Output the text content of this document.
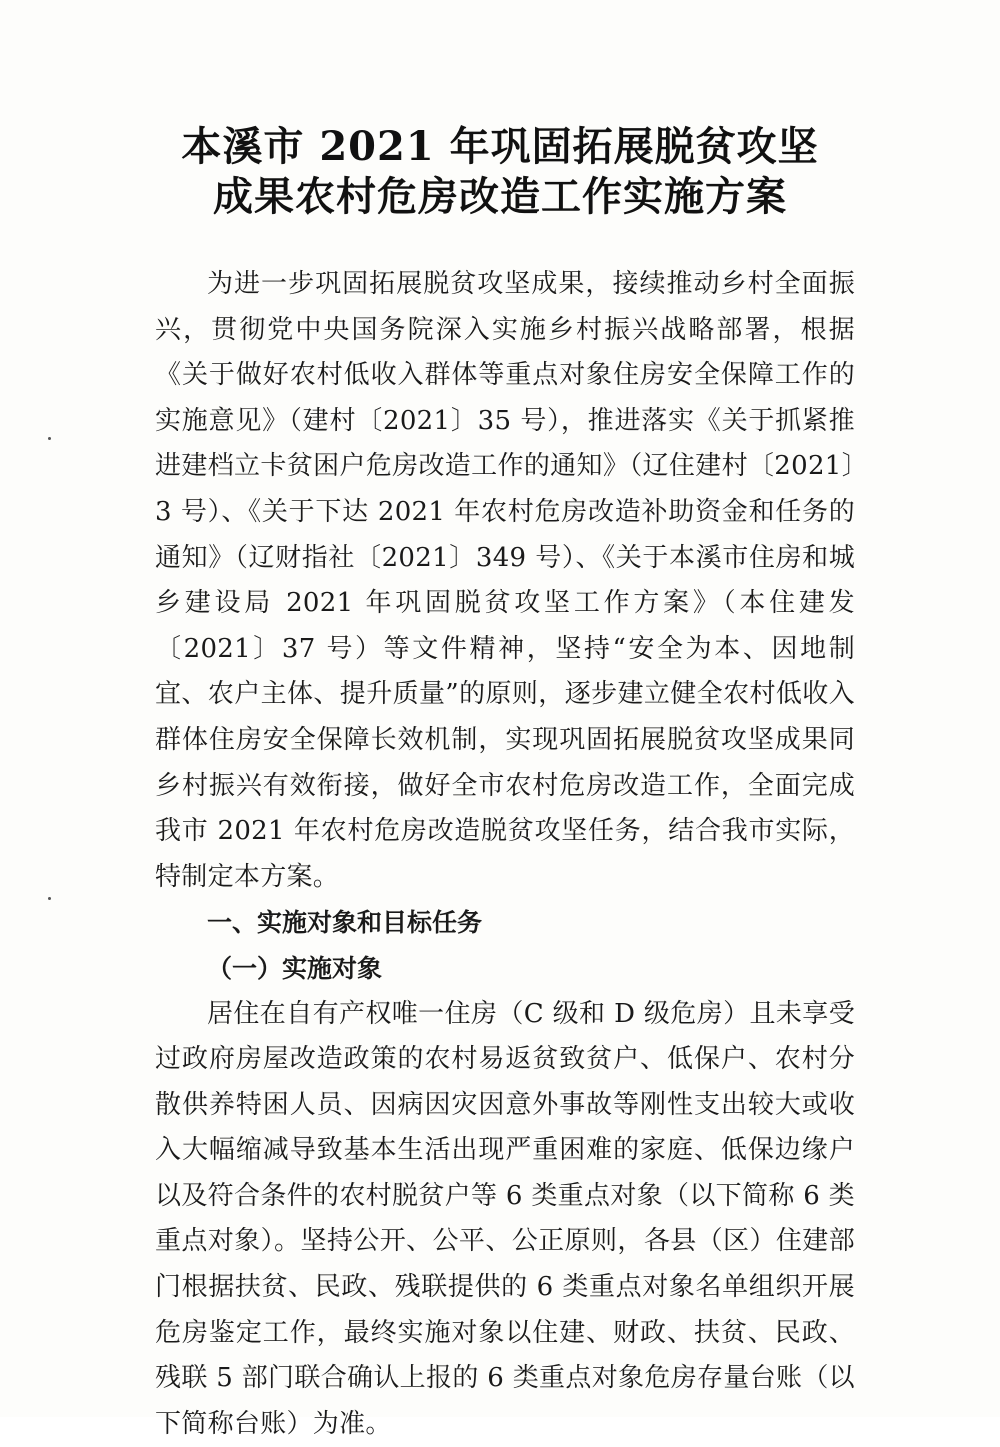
本溪市 2021 年巩固拓展脱贫攻坚
成果农村危房改造工作实施方案

为进一步巩固拓展脱贫攻坚成果，接续推动乡村全面振兴，贯彻党中央国务院深入实施乡村振兴战略部署，根据《关于做好农村低收入群体等重点对象住房安全保障工作的实施意见》（建村〔2021〕35 号），推进落实《关于抓紧推进建档立卡贫困户危房改造工作的通知》（辽住建村〔2021〕3 号）、《关于下达 2021 年农村危房改造补助资金和任务的通知》（辽财指社〔2021〕349 号）、《关于本溪市住房和城乡建设局 2021 年巩固脱贫攻坚工作方案》（本住建发〔2021〕37 号）等文件精神，坚持“安全为本、因地制宜、农户主体、提升质量”的原则，逐步建立健全农村低收入群体住房安全保障长效机制，实现巩固拓展脱贫攻坚成果同乡村振兴有效衔接，做好全市农村危房改造工作，全面完成我市 2021 年农村危房改造脱贫攻坚任务，结合我市实际，特制定本方案。

一、实施对象和目标任务

（一）实施对象

居住在自有产权唯一住房（C 级和 D 级危房）且未享受过政府房屋改造政策的农村易返贫致贫户、低保户、农村分散供养特困人员、因病因灾因意外事故等刚性支出较大或收入大幅缩减导致基本生活出现严重困难的家庭、低保边缘户以及符合条件的农村脱贫户等 6 类重点对象（以下简称 6 类重点对象）。坚持公开、公平、公正原则，各县（区）住建部门根据扶贫、民政、残联提供的 6 类重点对象名单组织开展危房鉴定工作，最终实施对象以住建、财政、扶贫、民政、残联 5 部门联合确认上报的 6 类重点对象危房存量台账（以下简称台账）为准。
